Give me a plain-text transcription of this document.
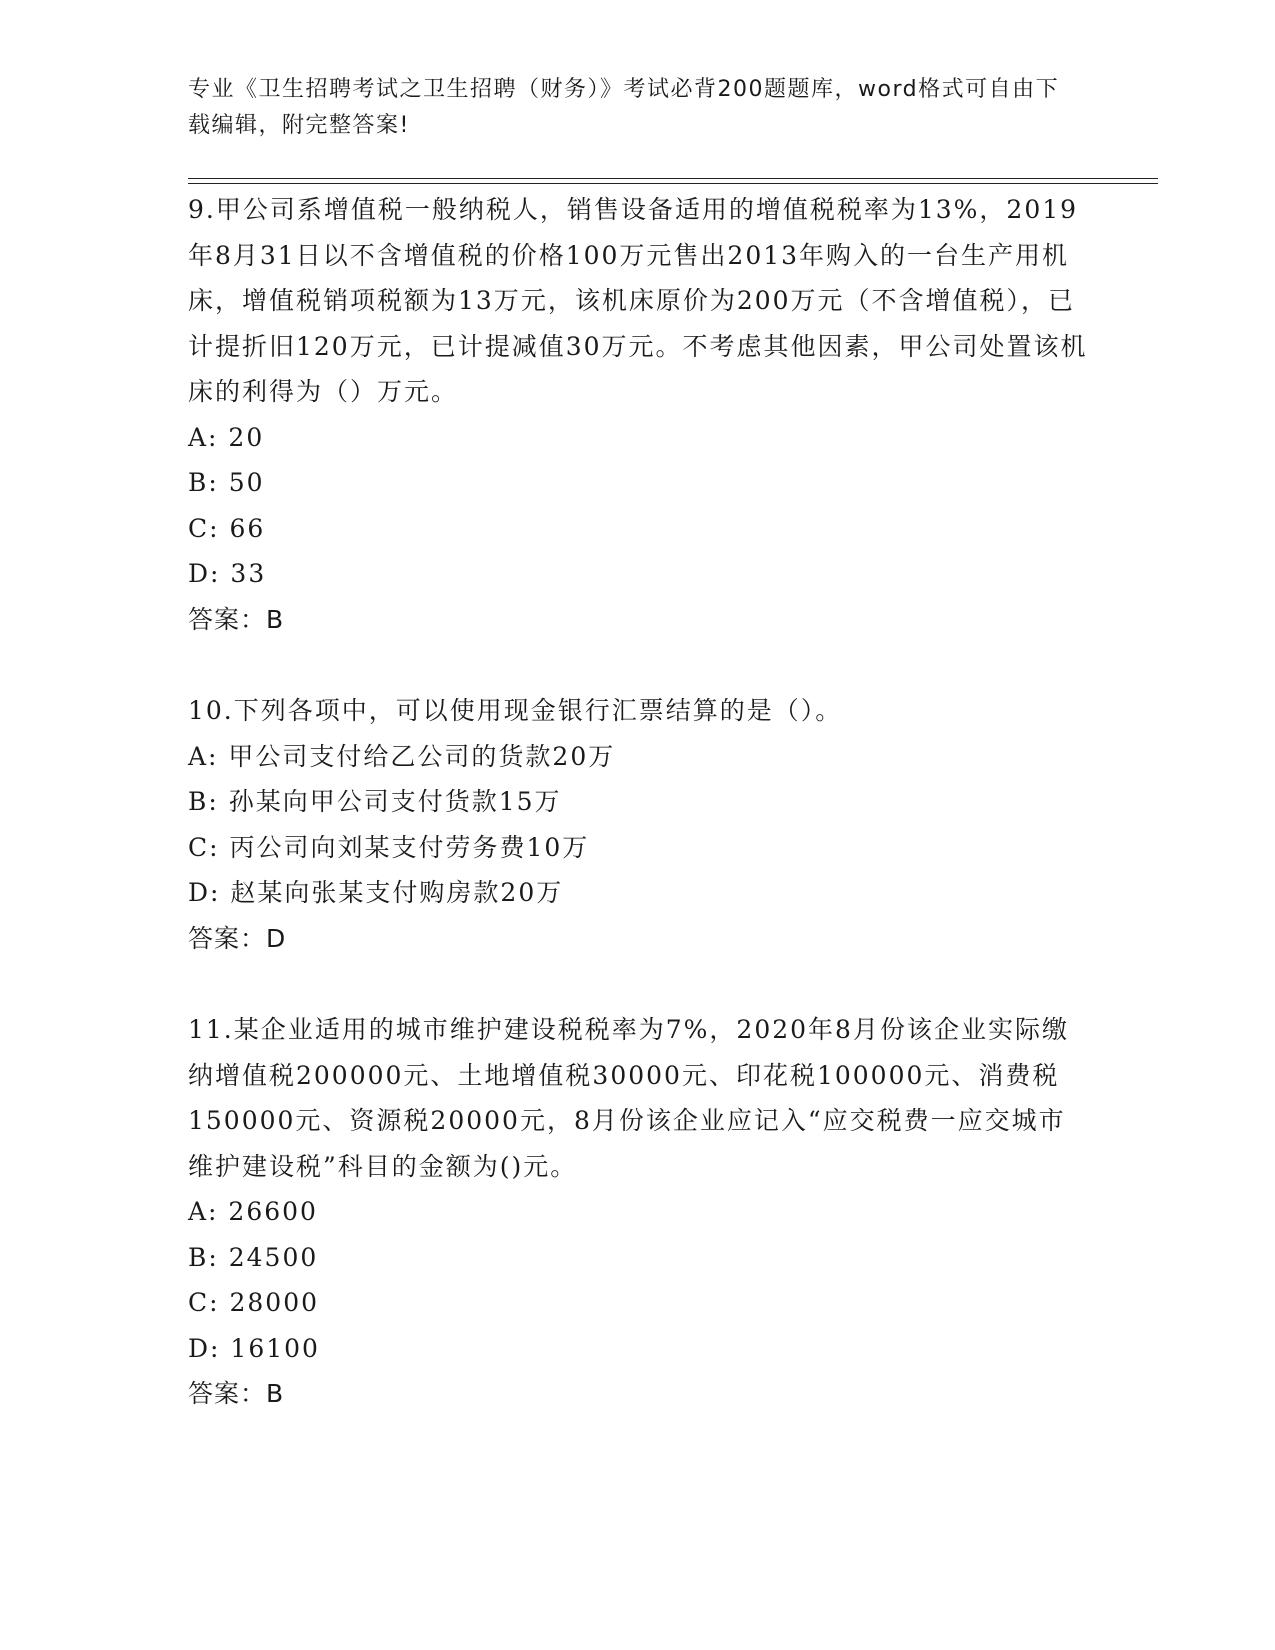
专业《卫生招聘考试之卫生招聘（财务）》考试必背200题题库，word格式可自由下载编辑，附完整答案!
9.甲公司系增值税一般纳税人，销售设备适用的增值税税率为13%，2019年8月31日以不含增值税的价格100万元售出2013年购入的一台生产用机床，增值税销项税额为13万元，该机床原价为200万元（不含增值税），已计提折旧120万元，已计提减值30万元。不考虑其他因素，甲公司处置该机床的利得为（）万元。
A: 20
B: 50
C: 66
D: 33
答案：B
10.下列各项中，可以使用现金银行汇票结算的是（）。
A: 甲公司支付给乙公司的货款20万
B: 孙某向甲公司支付货款15万
C: 丙公司向刘某支付劳务费10万
D: 赵某向张某支付购房款20万
答案：D
11.某企业适用的城市维护建设税税率为7%，2020年8月份该企业实际缴纳增值税200000元、土地增值税30000元、印花税100000元、消费税150000元、资源税20000元，8月份该企业应记入“应交税费一应交城市维护建设税”科目的金额为()元。
A: 26600
B: 24500
C: 28000
D: 16100
答案：B
